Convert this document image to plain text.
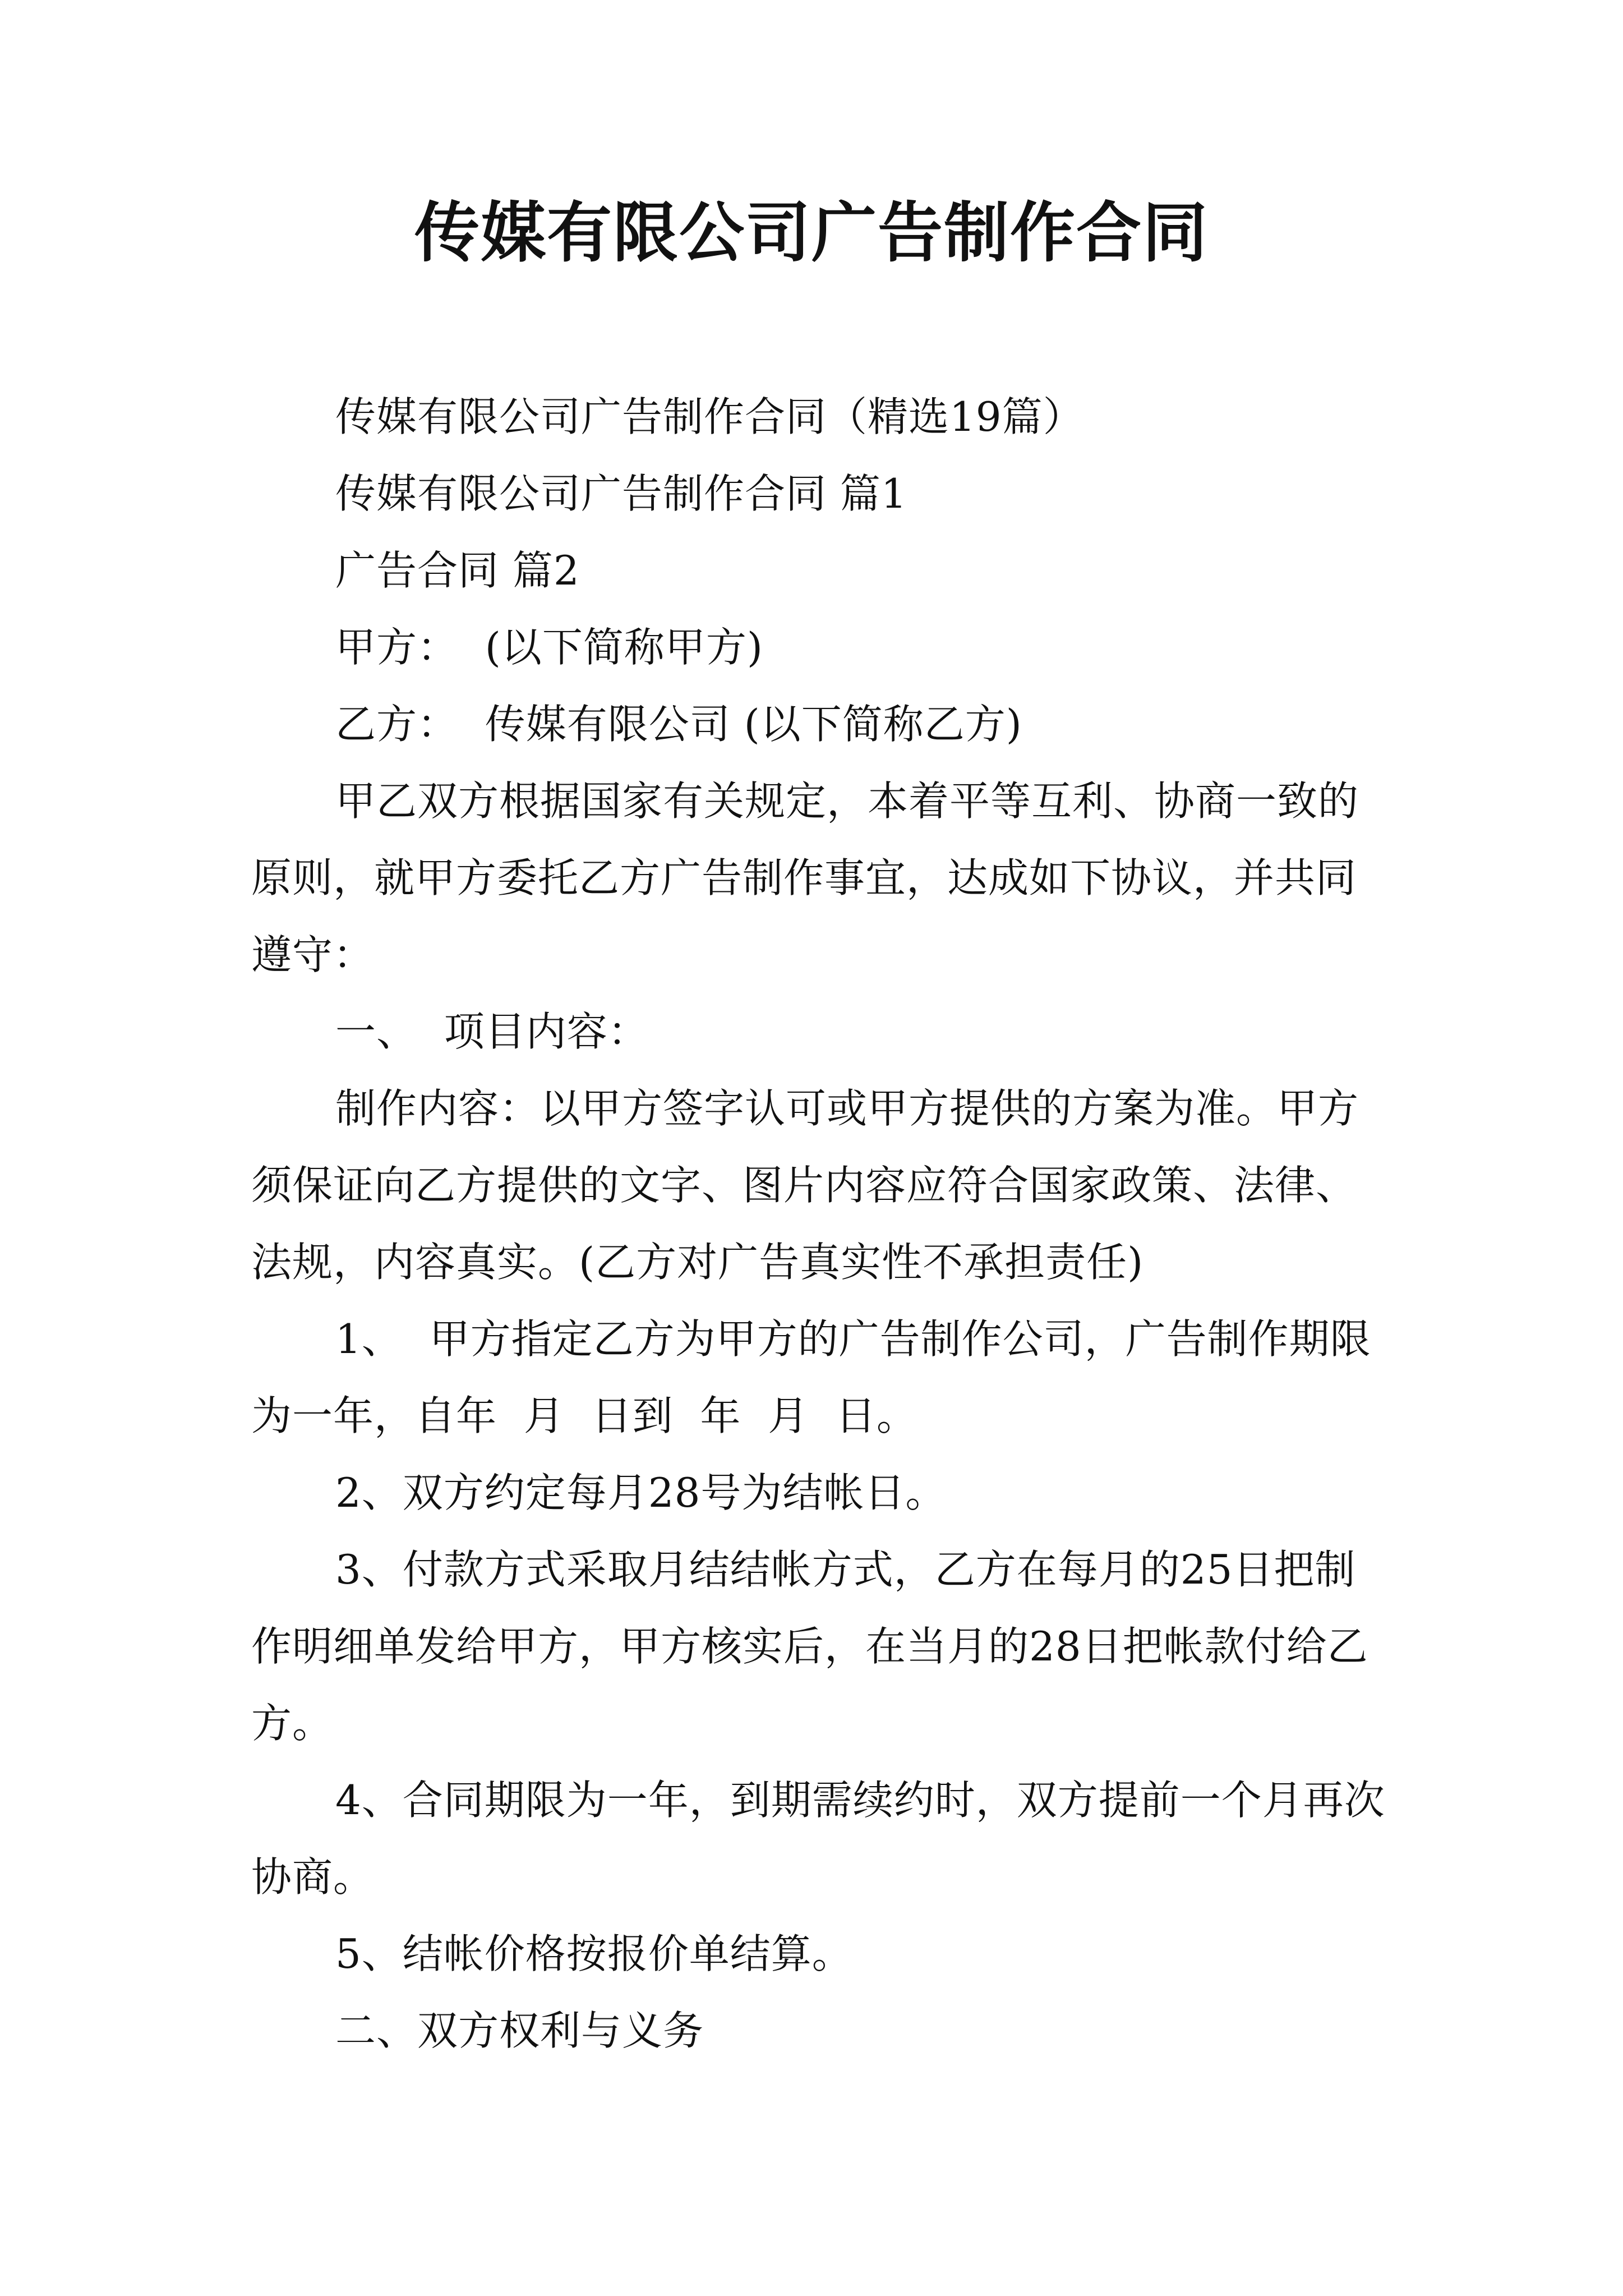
传媒有限公司广告制作合同

传媒有限公司广告制作合同（精选19篇）

传媒有限公司广告制作合同 篇1

广告合同 篇2

甲方：  (以下简称甲方)

乙方：  传媒有限公司 (以下简称乙方)

甲乙双方根据国家有关规定，本着平等互利、协商一致的原则，就甲方委托乙方广告制作事宜，达成如下协议，并共同遵守：

一、  项目内容：

制作内容：以甲方签字认可或甲方提供的方案为准。甲方须保证向乙方提供的文字、图片内容应符合国家政策、法律、法规，内容真实。(乙方对广告真实性不承担责任)

1、  甲方指定乙方为甲方的广告制作公司，广告制作期限为一年，自年  月  日到  年  月  日。

2、双方约定每月28号为结帐日。

3、付款方式采取月结结帐方式，乙方在每月的25日把制作明细单发给甲方，甲方核实后，在当月的28日把帐款付给乙方。

4、合同期限为一年，到期需续约时，双方提前一个月再次协商。

5、结帐价格按报价单结算。

二、双方权利与义务
